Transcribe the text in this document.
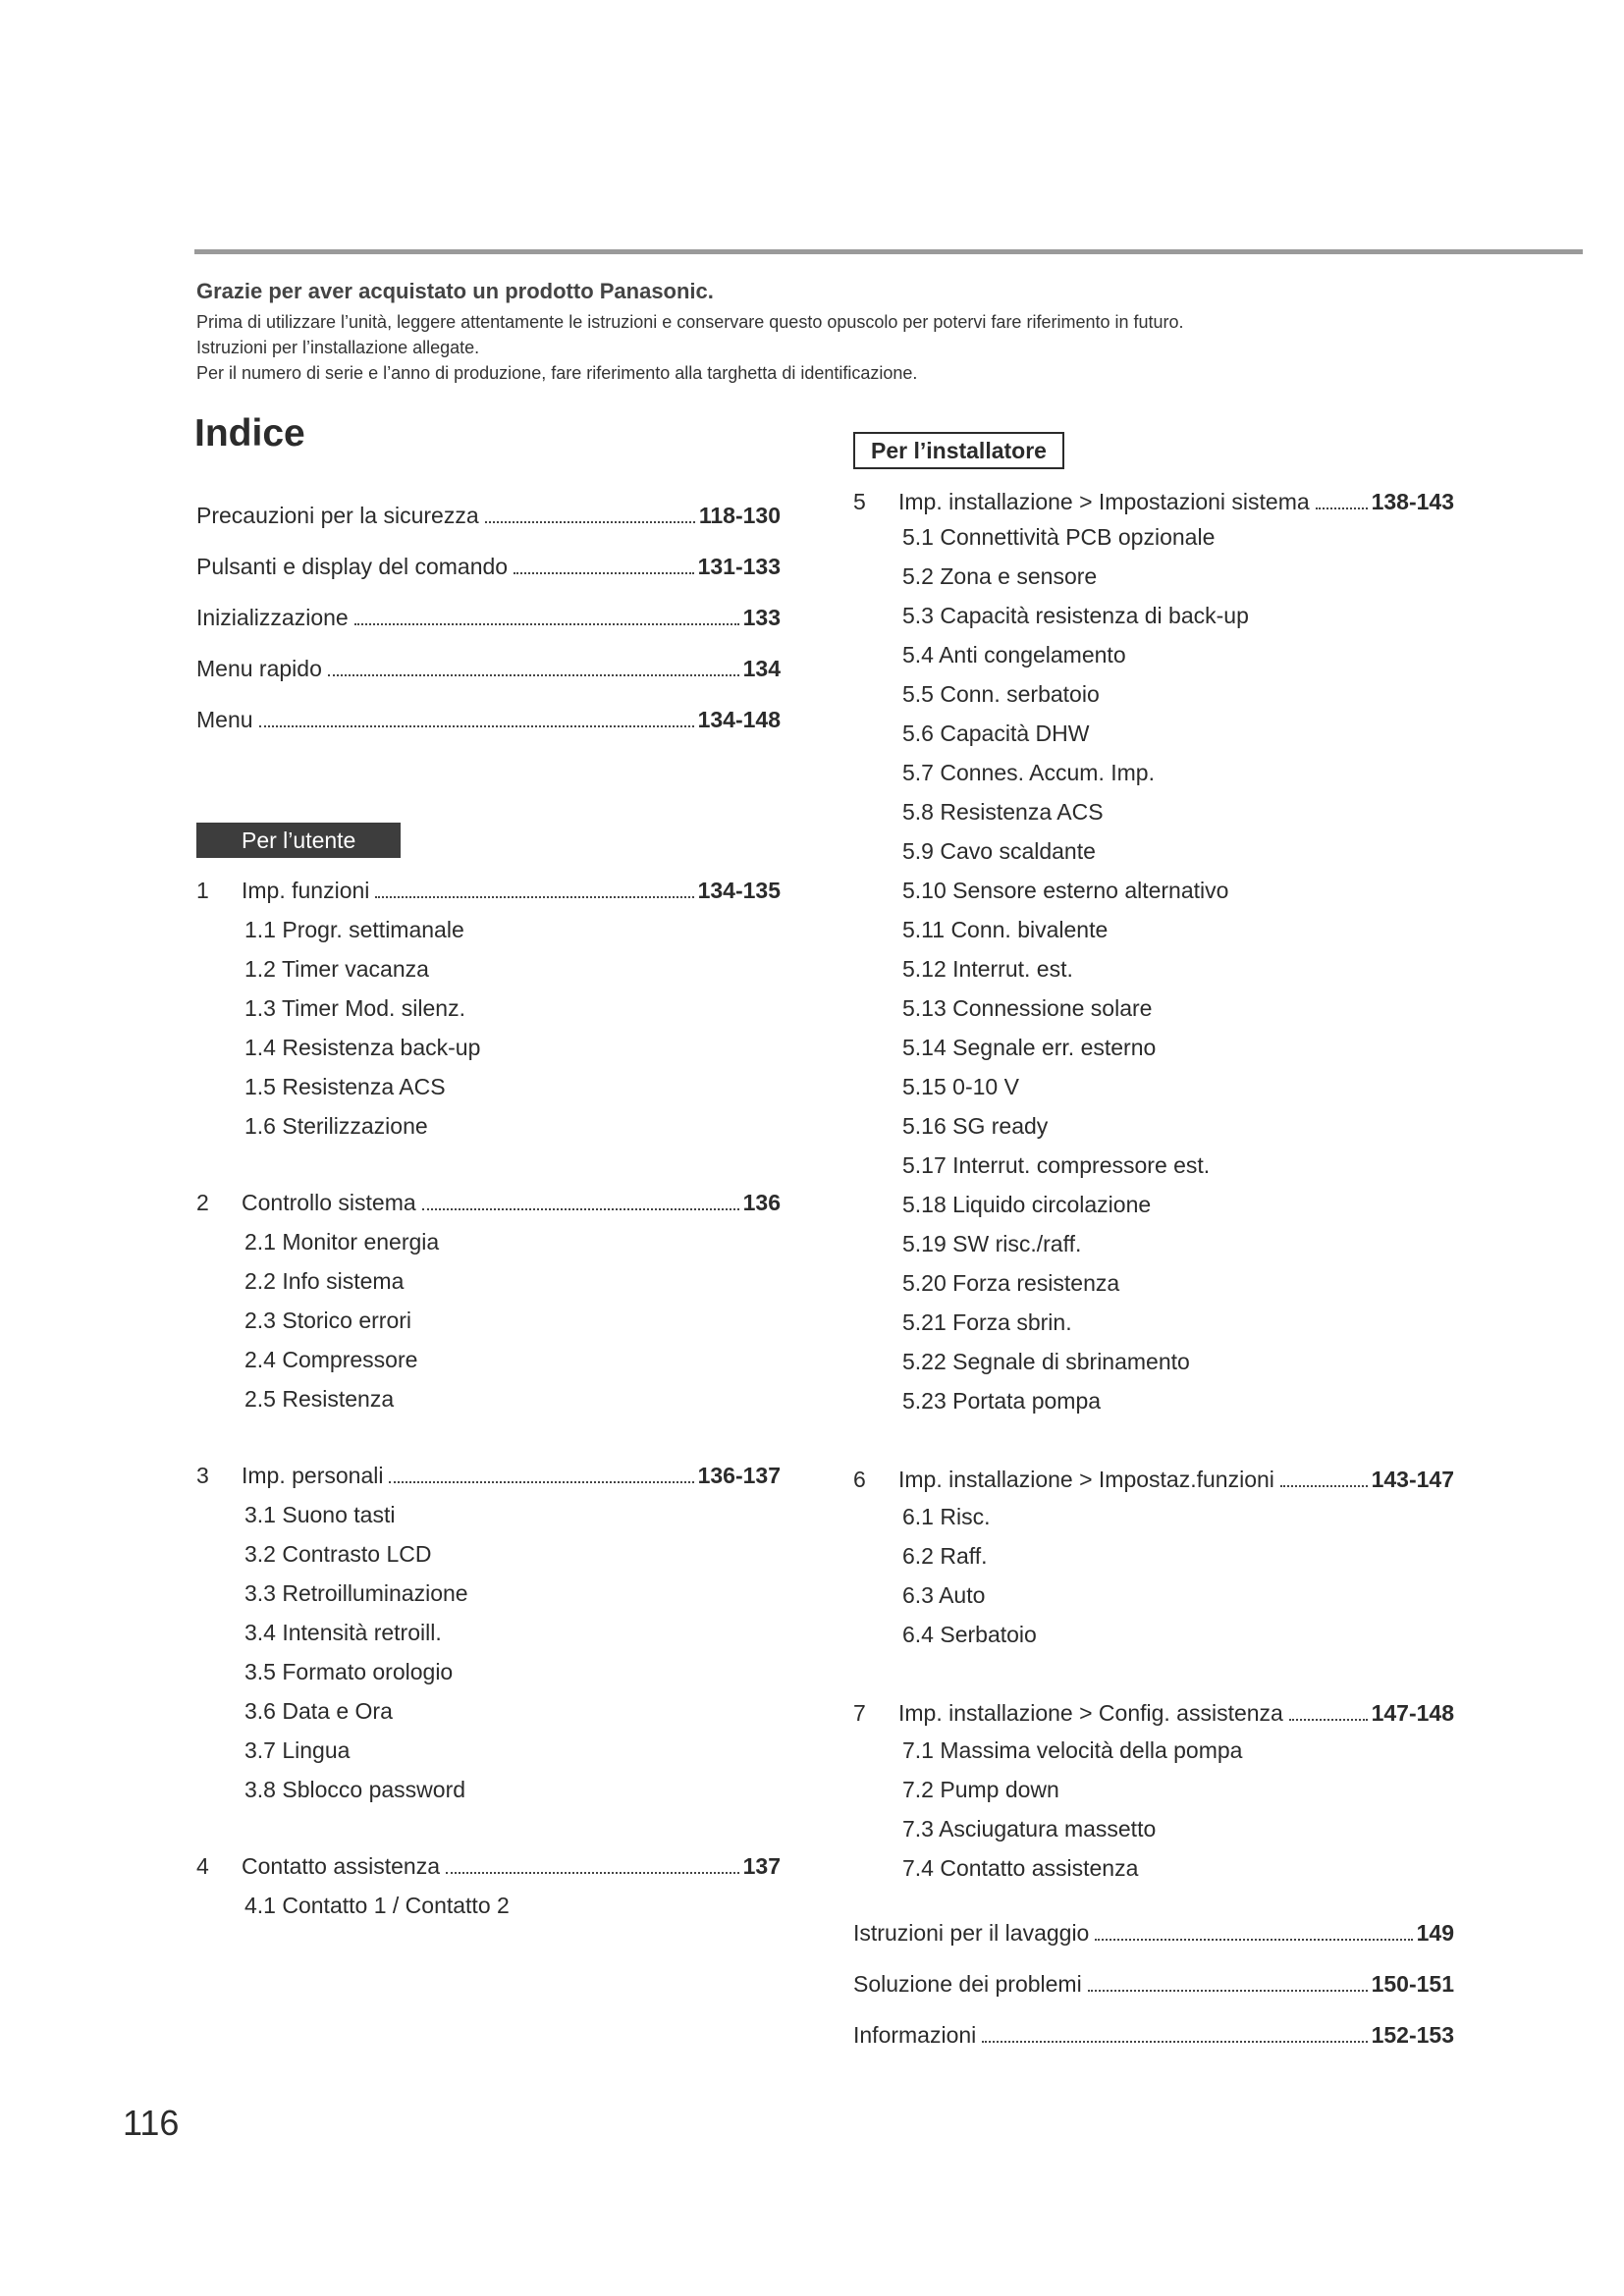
Grazie per aver acquistato un prodotto Panasonic.

Prima di utilizzare l’unità, leggere attentamente le istruzioni e conservare questo opuscolo per potervi fare riferimento in futuro.

Istruzioni per l’installazione allegate.

Per il numero di serie e l’anno di produzione, fare riferimento alla targhetta di identificazione.

Indice
Precauzioni per la sicurezza	118-130
Pulsanti e display del comando	131-133
Inizializzazione	133
Menu rapido	134
Menu	134-148
Per l’utente
1	Imp. funzioni	134-135
1.1 Progr. settimanale
1.2 Timer vacanza
1.3 Timer Mod. silenz.
1.4 Resistenza back-up
1.5 Resistenza ACS
1.6 Sterilizzazione
2	Controllo sistema	136
2.1 Monitor energia
2.2 Info sistema
2.3 Storico errori
2.4 Compressore
2.5 Resistenza
3	Imp. personali	136-137
3.1 Suono tasti
3.2 Contrasto LCD
3.3 Retroilluminazione
3.4 Intensità retroill.
3.5 Formato orologio
3.6 Data e Ora
3.7 Lingua
3.8 Sblocco password
4	Contatto assistenza	137
4.1 Contatto 1 / Contatto 2
Per l’installatore
5	Imp. installazione > Impostazioni sistema	138-143
5.1 Connettività PCB opzionale
5.2 Zona e sensore
5.3 Capacità resistenza di back-up
5.4 Anti congelamento
5.5 Conn. serbatoio
5.6 Capacità DHW
5.7 Connes. Accum. Imp.
5.8 Resistenza ACS
5.9 Cavo scaldante
5.10 Sensore esterno alternativo
5.11 Conn. bivalente
5.12 Interrut. est.
5.13 Connessione solare
5.14 Segnale err. esterno
5.15 0-10 V
5.16 SG ready
5.17 Interrut. compressore est.
5.18 Liquido circolazione
5.19 SW risc./raff.
5.20 Forza resistenza
5.21 Forza sbrin.
5.22 Segnale di sbrinamento
5.23 Portata pompa
6	Imp. installazione > Impostaz.funzioni	143-147
6.1 Risc.
6.2 Raff.
6.3 Auto
6.4 Serbatoio
7	Imp. installazione > Config. assistenza	147-148
7.1 Massima velocità della pompa
7.2 Pump down
7.3 Asciugatura massetto
7.4 Contatto assistenza
Istruzioni per il lavaggio	149
Soluzione dei problemi	150-151
Informazioni	152-153

116
